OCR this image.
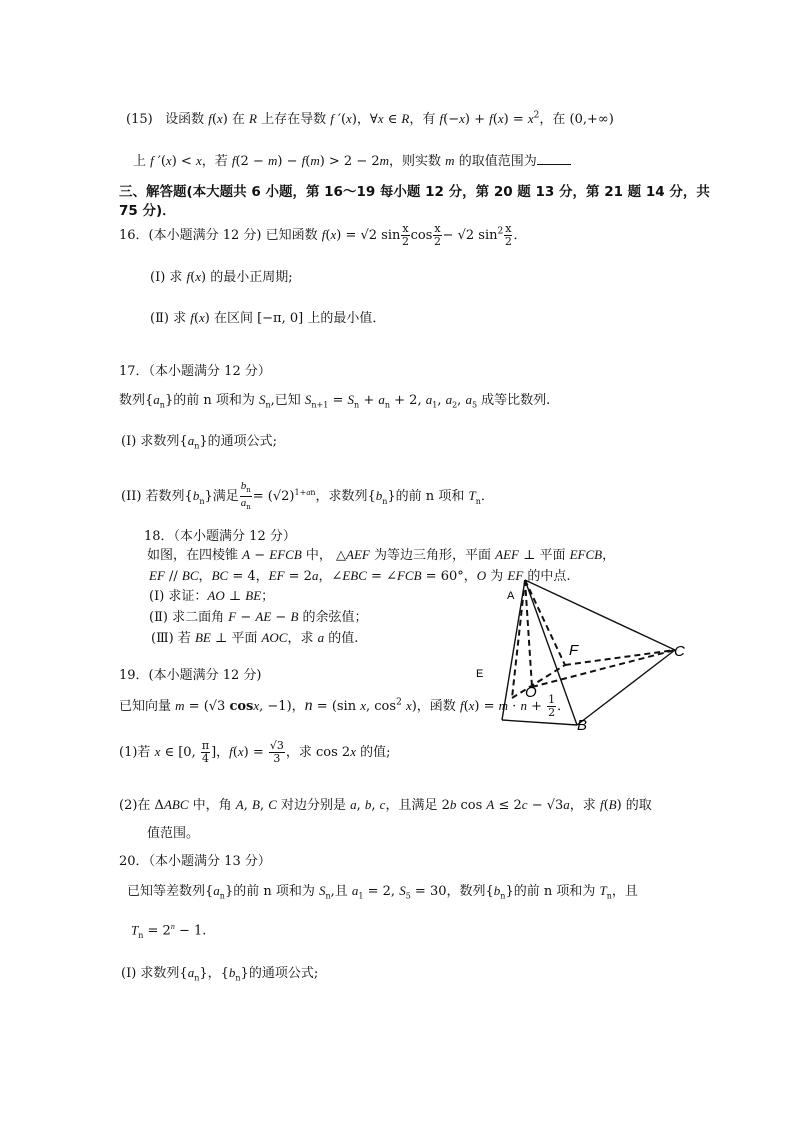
(15)   设函数 f(x) 在 R 上存在导数 f ′(x)，∀x ∈ R，有 $f(-x) + f(x) = x^2$，在 (0,+∞)
上 f ′(x) < x，若 f(2 − m) − f(m) > 2 − 2m，则实数 m 的取值范围为
三、解答题(本大题共 6 小题，第 16～19 每小题 12 分，第 20 题 13 分，第 21 题 14 分，共
75 分)．
16．(本小题满分 12 分) 已知函数 f(x) = √2 $\sin \frac{x}{2}$ $\cos \frac{x}{2} - √2$ $\sin^2 \frac{x}{2}$ ．
(Ⅰ) 求 f(x) 的最小正周期;
(Ⅱ) 求 f(x) 在区间 [−π, 0] 上的最小值．
17．（本小题满分 12 分）
数列$\{a_n\}$的前 n 项和为 $S_n$,已知 $S_{n+1} = S_n + a_n + 2$, $a_1$, $a_2$, $a_5$ 成等比数列.
(I) 求数列$\{a_n\}$的通项公式;
(II) 若数列$\{b_n\}$满足 $\frac{b_n}{a_n} = (√2)^{1+an}$，求数列$\{b_n\}$的前 n 项和 $T_n$．
18．（本小题满分 12 分）
如图，在四棱锥 A − EFCB 中， △AEF 为等边三角形，平面 AEF ⊥ 平面 EFCB，
EF // BC，BC = 4，EF = 2a，∠EBC = ∠FCB = 60°，O 为 EF 的中点.
(Ⅰ) 求证：AO ⊥ BE；
(Ⅱ) 求二面角 F − AE − B 的余弦值；
(Ⅲ) 若 BE ⊥ 平面 AOC，求 a 的值.
A
E
F
O
C
B
19．(本小题满分 12 分)
已知向量 m = (√3 cosx, −1)，n = (sin x, $\cos^2 x$)，函数 $f(x) = m \cdot n + \frac{1}{2}$ ．
(1)若 x ∈ [0, $\frac{\pi}{4}$ ]，$f(x) = \frac{√3}{3}$ ，求 cos 2x 的值;
(2)在 ΔABC 中，角 A, B, C 对边分别是 a, b, c，且满足 2b cos A ≤ 2c − √3a，求 f(B) 的取
值范围。
20．（本小题满分 13 分）
已知等差数列$\{a_n\}$的前 n 项和为 $S_n$,且 $a_1 = 2$, $S_5 = 30$，数列$\{b_n\}$的前 n 项和为 $T_n$，且
$T_n = 2^n - 1$.
(I) 求数列$\{a_n\}$，$\{b_n\}$的通项公式;
